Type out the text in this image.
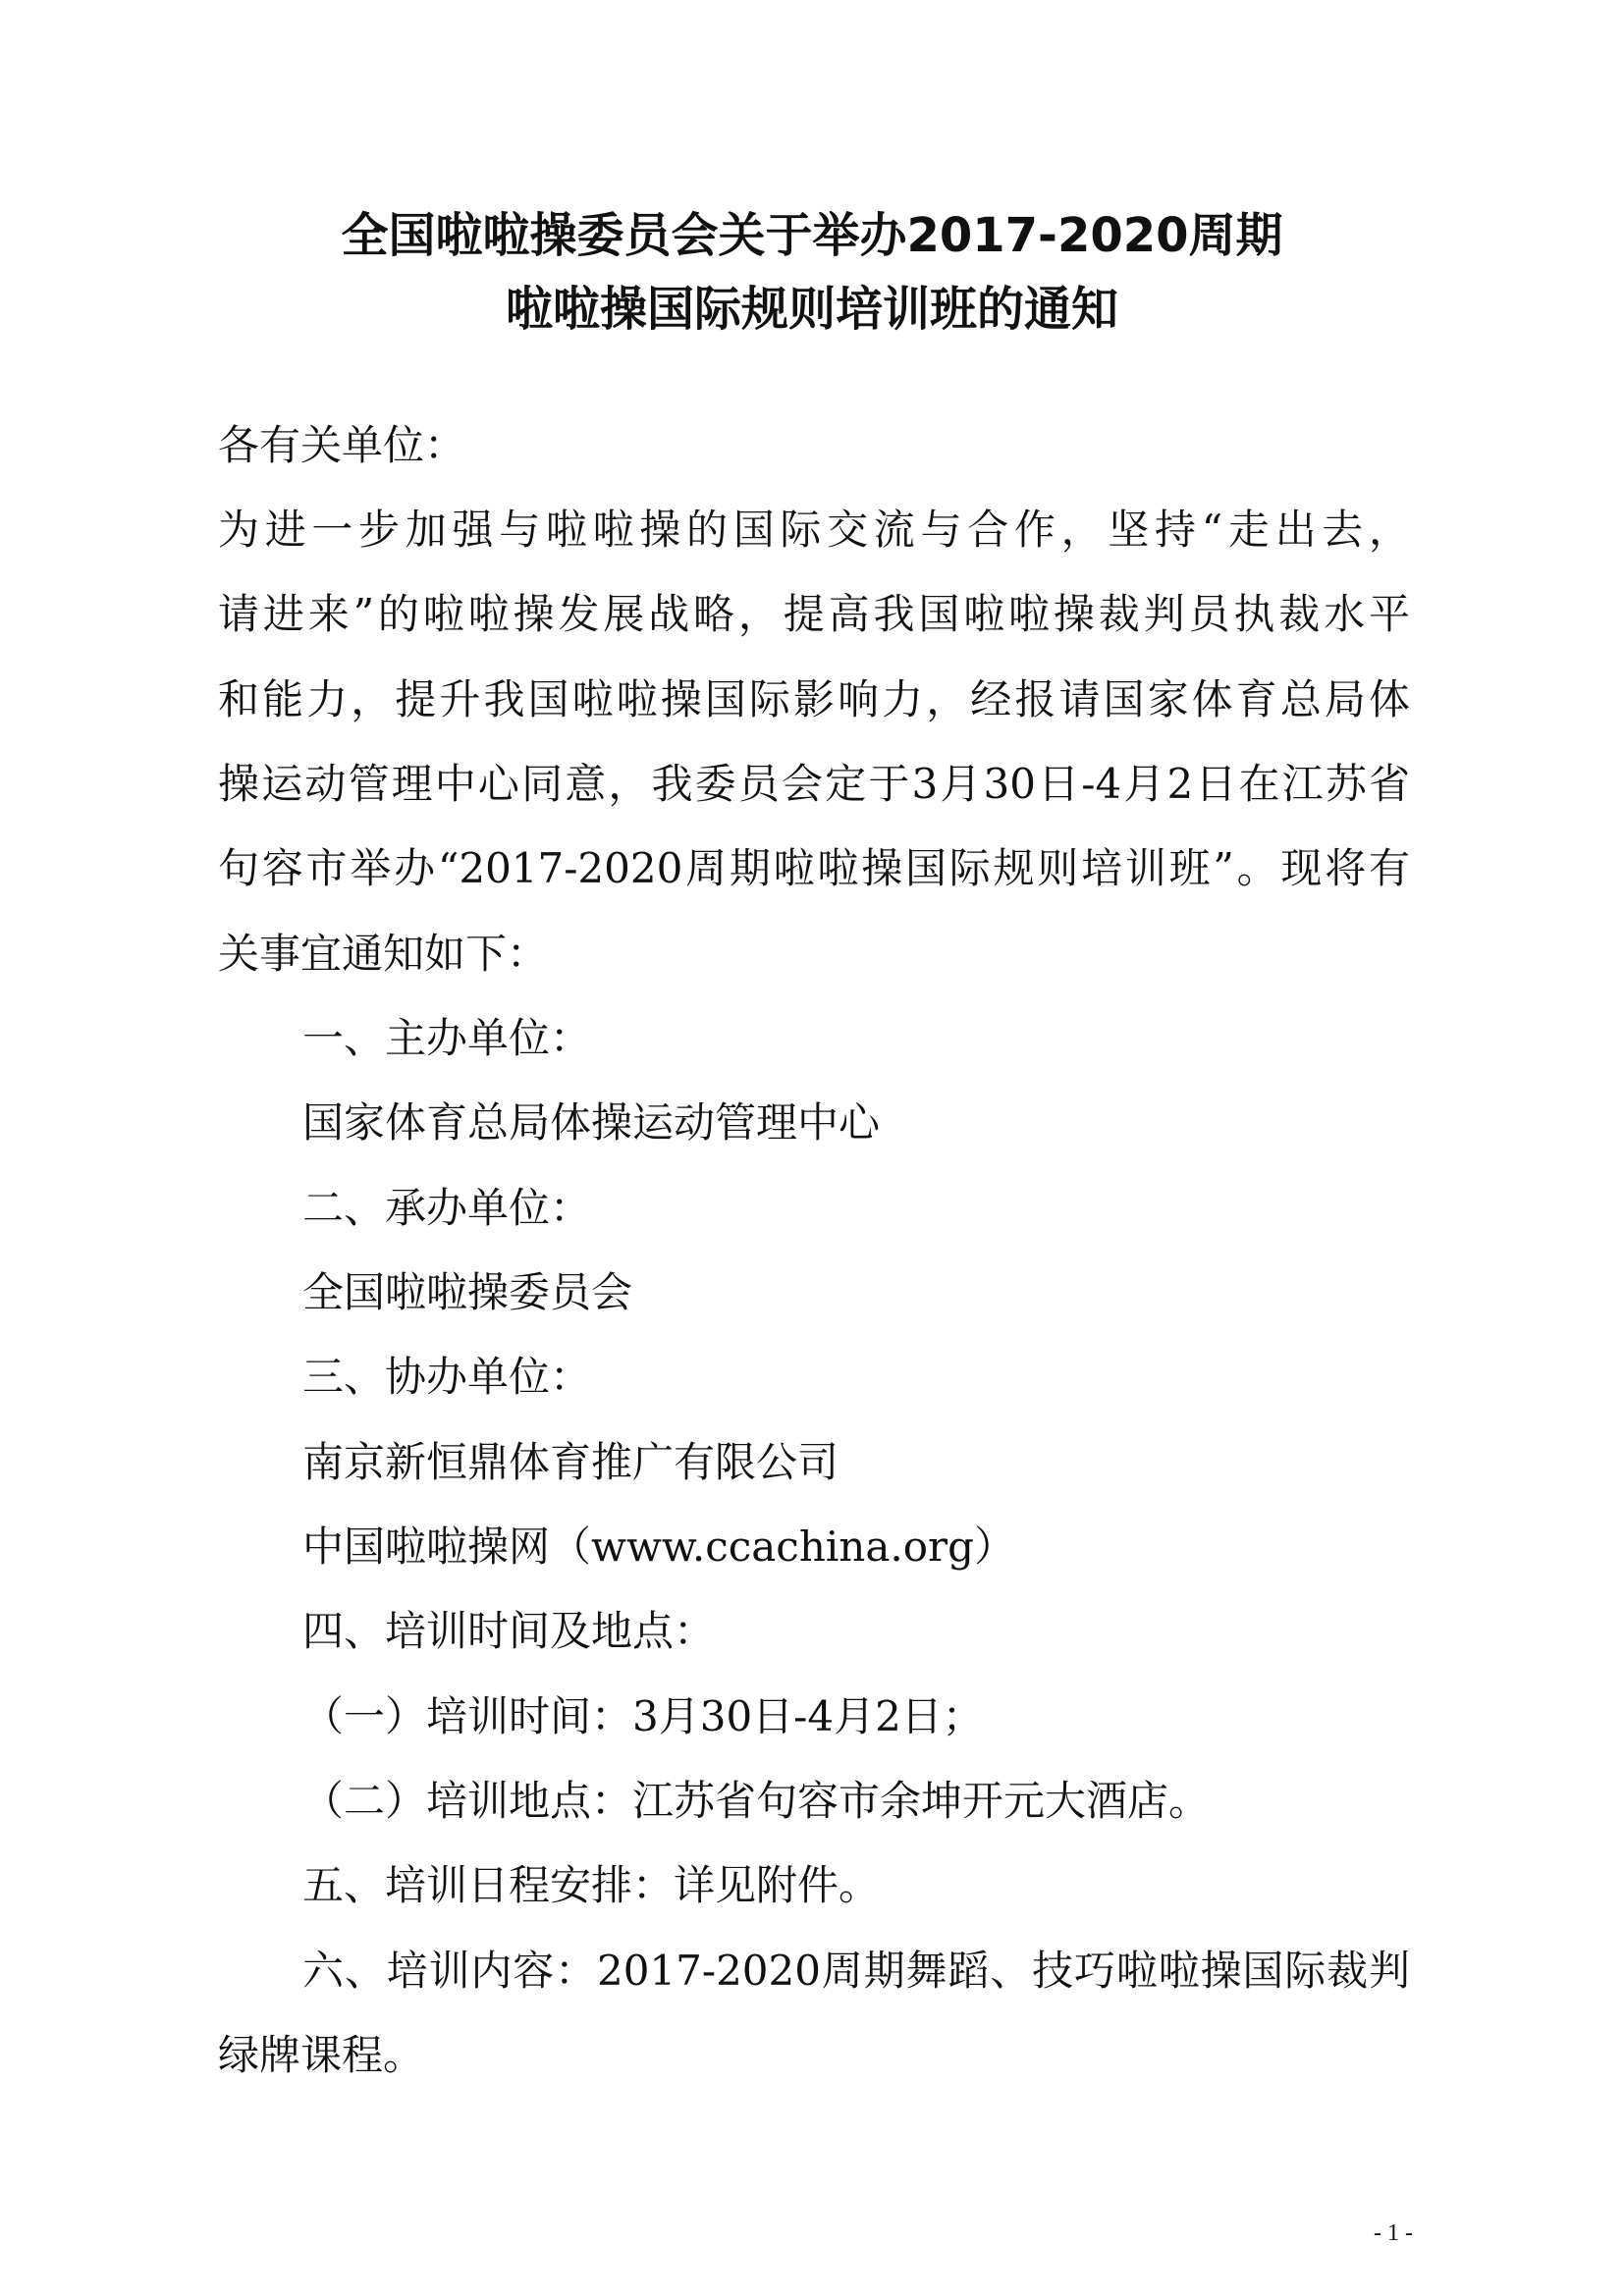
全国啦啦操委员会关于举办2017-2020周期
啦啦操国际规则培训班的通知
各有关单位：
为进一步加强与啦啦操的国际交流与合作，坚持“走出去，
请进来”的啦啦操发展战略，提高我国啦啦操裁判员执裁水平
和能力，提升我国啦啦操国际影响力，经报请国家体育总局体
操运动管理中心同意，我委员会定于3月30日-4月2日在江苏省
句容市举办“2017-2020周期啦啦操国际规则培训班”。现将有
关事宜通知如下：
一、主办单位：
国家体育总局体操运动管理中心
二、承办单位：
全国啦啦操委员会
三、协办单位：
南京新恒鼎体育推广有限公司
中国啦啦操网（www.ccachina.org）
四、培训时间及地点：
（一）培训时间：3月30日-4月2日；
（二）培训地点：江苏省句容市余坤开元大酒店。
五、培训日程安排：详见附件。
六、培训内容：2017-2020周期舞蹈、技巧啦啦操国际裁判
绿牌课程。
- 1 -
